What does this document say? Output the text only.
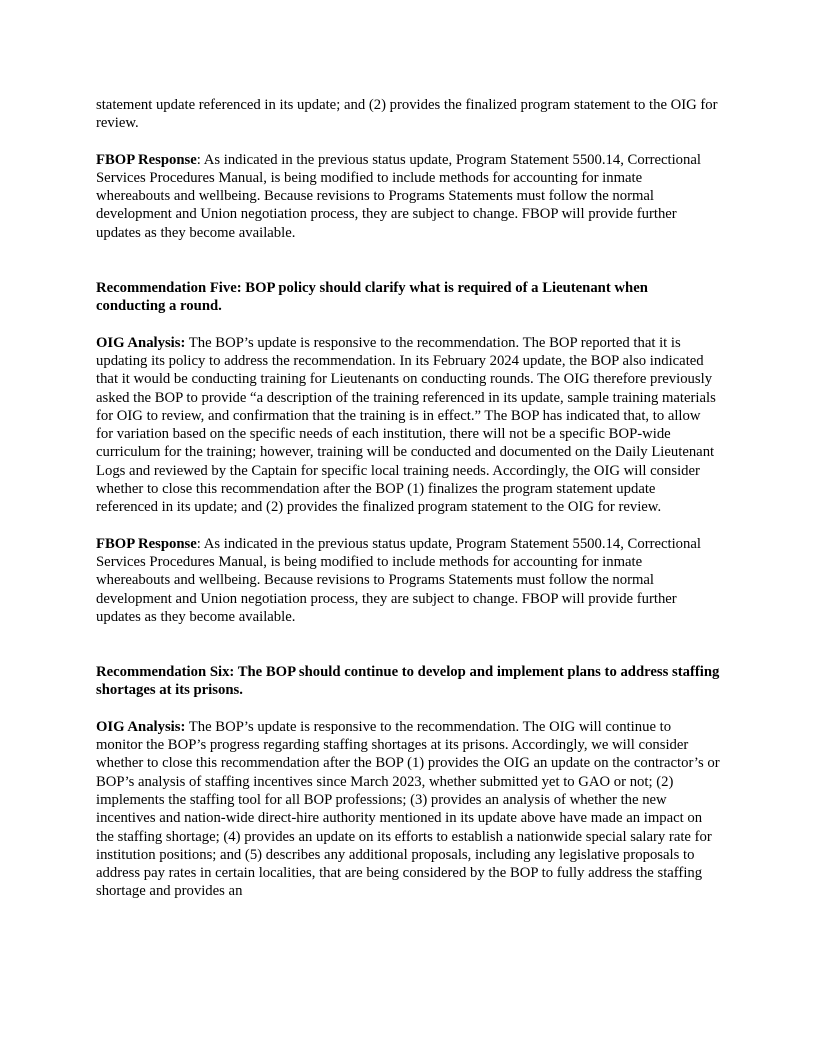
statement update referenced in its update; and (2) provides the finalized program statement to the OIG for review.

FBOP Response: As indicated in the previous status update, Program Statement 5500.14, Correctional Services Procedures Manual, is being modified to include methods for accounting for inmate whereabouts and wellbeing. Because revisions to Programs Statements must follow the normal development and Union negotiation process, they are subject to change. FBOP will provide further updates as they become available.

Recommendation Five: BOP policy should clarify what is required of a Lieutenant when conducting a round.

OIG Analysis: The BOP’s update is responsive to the recommendation. The BOP reported that it is updating its policy to address the recommendation. In its February 2024 update, the BOP also indicated that it would be conducting training for Lieutenants on conducting rounds. The OIG therefore previously asked the BOP to provide “a description of the training referenced in its update, sample training materials for OIG to review, and confirmation that the training is in effect.” The BOP has indicated that, to allow for variation based on the specific needs of each institution, there will not be a specific BOP-wide curriculum for the training; however, training will be conducted and documented on the Daily Lieutenant Logs and reviewed by the Captain for specific local training needs. Accordingly, the OIG will consider whether to close this recommendation after the BOP (1) finalizes the program statement update referenced in its update; and (2) provides the finalized program statement to the OIG for review.

FBOP Response: As indicated in the previous status update, Program Statement 5500.14, Correctional Services Procedures Manual, is being modified to include methods for accounting for inmate whereabouts and wellbeing. Because revisions to Programs Statements must follow the normal development and Union negotiation process, they are subject to change. FBOP will provide further updates as they become available.

Recommendation Six: The BOP should continue to develop and implement plans to address staffing shortages at its prisons.

OIG Analysis: The BOP’s update is responsive to the recommendation. The OIG will continue to monitor the BOP’s progress regarding staffing shortages at its prisons. Accordingly, we will consider whether to close this recommendation after the BOP (1) provides the OIG an update on the contractor’s or BOP’s analysis of staffing incentives since March 2023, whether submitted yet to GAO or not; (2) implements the staffing tool for all BOP professions; (3) provides an analysis of whether the new incentives and nation-wide direct-hire authority mentioned in its update above have made an impact on the staffing shortage; (4) provides an update on its efforts to establish a nationwide special salary rate for institution positions; and (5) describes any additional proposals, including any legislative proposals to address pay rates in certain localities, that are being considered by the BOP to fully address the staffing shortage and provides an
